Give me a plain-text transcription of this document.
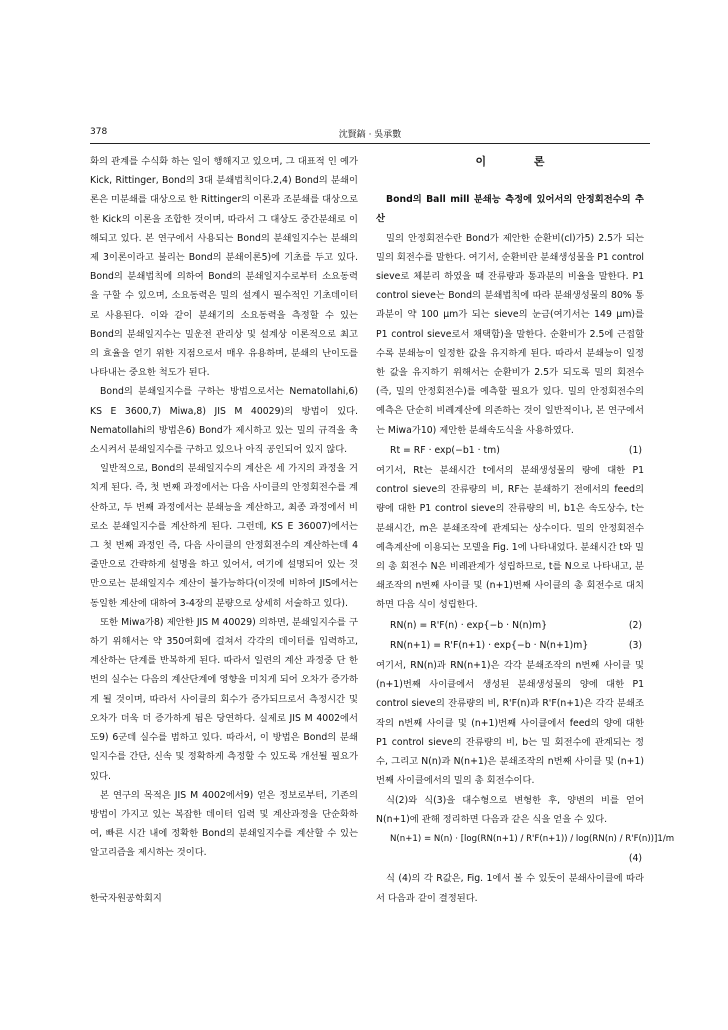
378	沈賢鎬 · 吳承數

화의 관계를 수식화 하는 일이 행해지고 있으며, 그 대표적 인 예가 Kick, Rittinger, Bond의 3대 분쇄법칙이다.2,4) Bond의 분쇄이론은 미분쇄를 대상으로 한 Rittinger의 이론과 조분쇄를 대상으로 한 Kick의 이론을 조합한 것이며, 따라서 그 대상도 중간분쇄로 이해되고 있다. 본 연구에서 사용되는 Bond의 분쇄일지수는 분쇄의 제 3이론이라고 불리는 Bond의 분쇄이론5)에 기초를 두고 있다. Bond의 분쇄법칙에 의하여 Bond의 분쇄일지수로부터 소요동력을 구할 수 있으며, 소요동력은 밀의 설계시 필수적인 기초데이터로 사용된다. 이와 같이 분쇄기의 소요동력을 측정할 수 있는 Bond의 분쇄일지수는 밀운전 관리상 및 설계상 이론적으로 최고의 효율을 얻기 위한 지점으로서 매우 유용하며, 분쇄의 난이도를 나타내는 중요한 척도가 된다.

Bond의 분쇄일지수를 구하는 방법으로서는 Nematollahi,6) KS E 3600,7) Miwa,8) JIS M 40029)의 방법이 있다. Nematollahi의 방법은6) Bond가 제시하고 있는 밀의 규격을 축소시켜서 분쇄일지수를 구하고 있으나 아직 공인되어 있지 않다.

일반적으로, Bond의 분쇄일지수의 계산은 세 가지의 과정을 거치게 된다. 즉, 첫 번째 과정에서는 다음 사이클의 안정회전수를 계산하고, 두 번째 과정에서는 분쇄능을 계산하고, 최종 과정에서 비로소 분쇄일지수를 계산하게 된다. 그런데, KS E 36007)에서는 그 첫 번째 과정인 즉, 다음 사이클의 안정회전수의 계산하는데 4줄만으로 간략하게 설명을 하고 있어서, 여기에 설명되어 있는 것만으로는 분쇄일지수 계산이 불가능하다(이것에 비하여 JIS에서는 동일한 계산에 대하여 3-4장의 분량으로 상세히 서술하고 있다).

또한 Miwa가8) 제안한 JIS M 40029) 의하면, 분쇄일지수를 구하기 위해서는 약 350여회에 걸쳐서 각각의 데이터를 입력하고, 계산하는 단계를 반복하게 된다. 따라서 일련의 계산 과정중 단 한 번의 실수는 다음의 계산단계에 영향을 미치게 되어 오차가 증가하게 될 것이며, 따라서 사이클의 회수가 증가되므로서 측정시간 및 오차가 더욱 더 증가하게 됨은 당연하다. 실제로 JIS M 4002에서도9) 6군데 실수를 범하고 있다. 따라서, 이 방법은 Bond의 분쇄일지수를 간단, 신속 및 정확하게 측정할 수 있도록 개선될 필요가 있다.

본 연구의 목적은 JIS M 4002에서9) 얻은 정보로부터, 기존의 방법이 가지고 있는 복잡한 데이터 입력 및 계산과정을 단순화하여, 빠른 시간 내에 정확한 Bond의 분쇄일지수를 계산할 수 있는 알고리즘을 제시하는 것이다.

이 론

Bond의 Ball mill 분쇄능 측정에 있어서의 안정회전수의 추산

밀의 안정회전수란 Bond가 제안한 순환비(cl)가5) 2.5가 되는 밀의 회전수를 말한다. 여기서, 순환비란 분쇄생성물을 P1 control sieve로 체분리 하였을 때 잔류량과 통과분의 비율을 말한다. P1 control sieve는 Bond의 분쇄법칙에 따라 분쇄생성물의 80% 통과분이 약 100 μm가 되는 sieve의 눈금(여기서는 149 μm)를 P1 control sieve로서 채택함)을 말한다. 순환비가 2.5에 근접할수록 분쇄능이 일정한 값을 유지하게 된다. 따라서 분쇄능이 일정한 값을 유지하기 위해서는 순환비가 2.5가 되도록 밀의 회전수(즉, 밀의 안정회전수)를 예측할 필요가 있다. 밀의 안정회전수의 예측은 단순히 비례계산에 의존하는 것이 일반적이나, 본 연구에서는 Miwa가10) 제안한 분쇄속도식을 사용하였다.

Rt = RF · exp(−b1 · tm)	(1)

여기서, Rt는 분쇄시간 t에서의 분쇄생성물의 량에 대한 P1 control sieve의 잔류량의 비, RF는 분쇄하기 전에서의 feed의 량에 대한 P1 control sieve의 잔류량의 비, b1은 속도상수, t는 분쇄시간, m은 분쇄조작에 관계되는 상수이다. 밀의 안정회전수 예측계산에 이용되는 모델을 Fig. 1에 나타내었다. 분쇄시간 t와 밀의 총 회전수 N은 비례관계가 성립하므로, t를 N으로 나타내고, 분쇄조작의 n번째 사이클 및 (n+1)번째 사이클의 총 회전수로 대치하면 다음 식이 성립한다.

RN(n) = R'F(n) · exp{−b · N(n)m}	(2)
RN(n+1) = R'F(n+1) · exp{−b · N(n+1)m}	(3)

여기서, RN(n)과 RN(n+1)은 각각 분쇄조작의 n번째 사이클 및 (n+1)번째 사이클에서 생성된 분쇄생성물의 양에 대한 P1 control sieve의 잔류량의 비, R'F(n)과 R'F(n+1)은 각각 분쇄조작의 n번째 사이클 및 (n+1)번째 사이클에서 feed의 양에 대한 P1 control sieve의 잔류량의 비, b는 밀 회전수에 관계되는 정수, 그리고 N(n)과 N(n+1)은 분쇄조작의 n번째 사이클 및 (n+1)번째 사이클에서의 밀의 총 회전수이다.

식(2)와 식(3)을 대수형으로 변형한 후, 양변의 비를 얻어 N(n+1)에 관해 정리하면 다음과 같은 식을 얻을 수 있다.

N(n+1) = N(n) · [log(RN(n+1) / R'F(n+1)) / log(RN(n) / R'F(n))]1/m
(4)

식 (4)의 각 R값은, Fig. 1에서 볼 수 있듯이 분쇄사이클에 따라서 다음과 같이 결정된다.

한국자원공학회지
